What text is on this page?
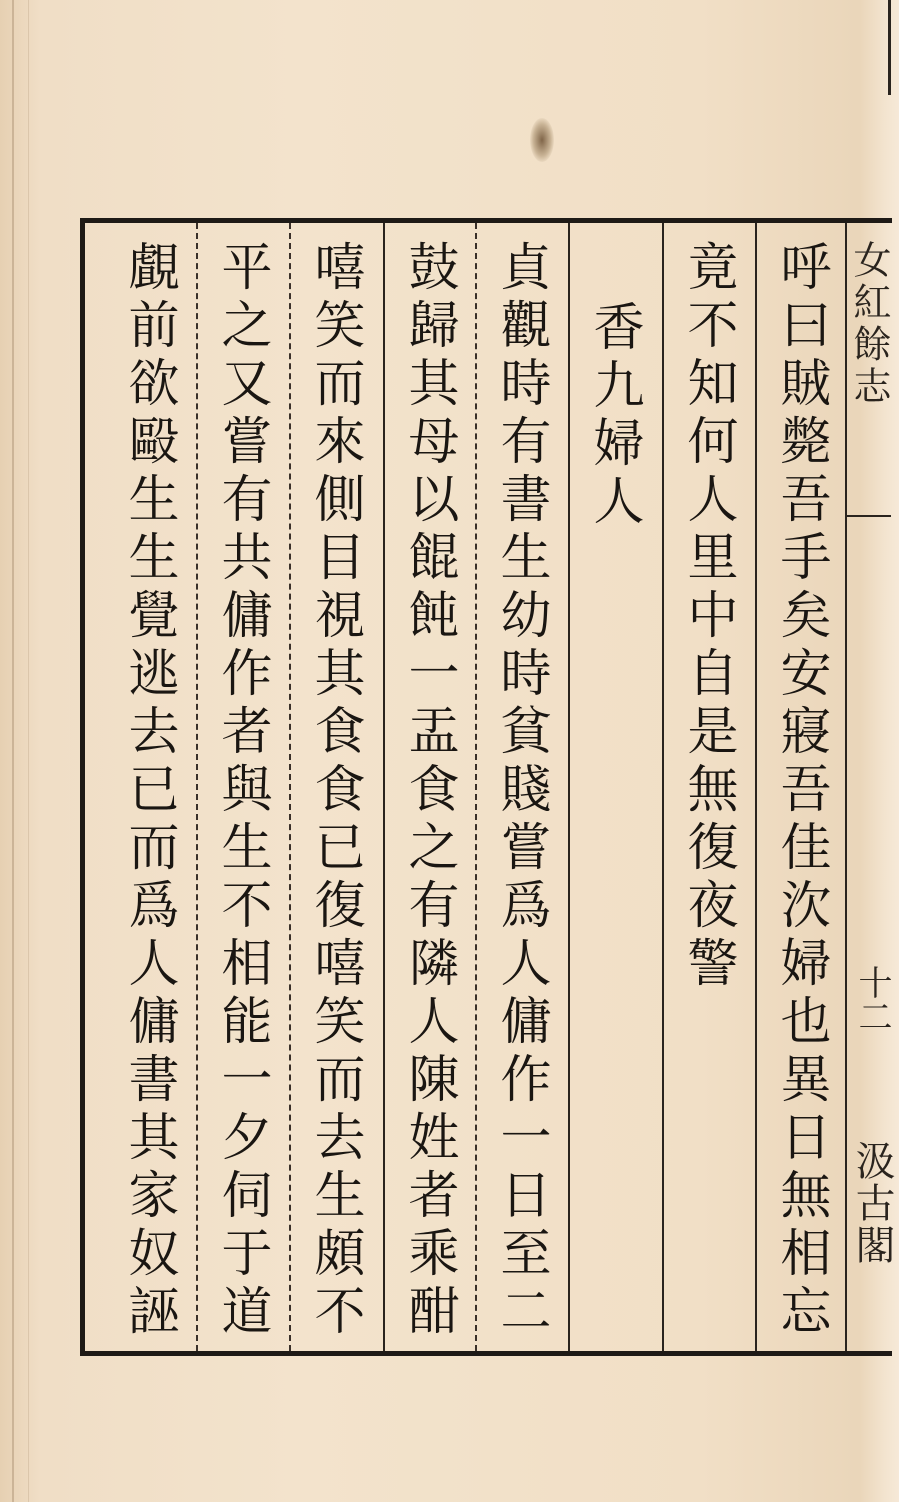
呼曰賊斃吾手矣安寢吾佳㳄婦也異日無相忘
竟不知何人里中自是無復夜警
香九婦人
貞觀時有書生幼時貧賤嘗爲人傭作一日至二
鼓歸其母以餛飩一盂食之有隣人陳姓者乘酣
嘻笑而來側目視其食食已復嘻笑而去生頗不
平之又嘗有共傭作者與生不相能一夕伺于道
覰前欲毆生生覺逃去已而爲人傭書其家奴誣	女紅餘志
十二
汲古閣
